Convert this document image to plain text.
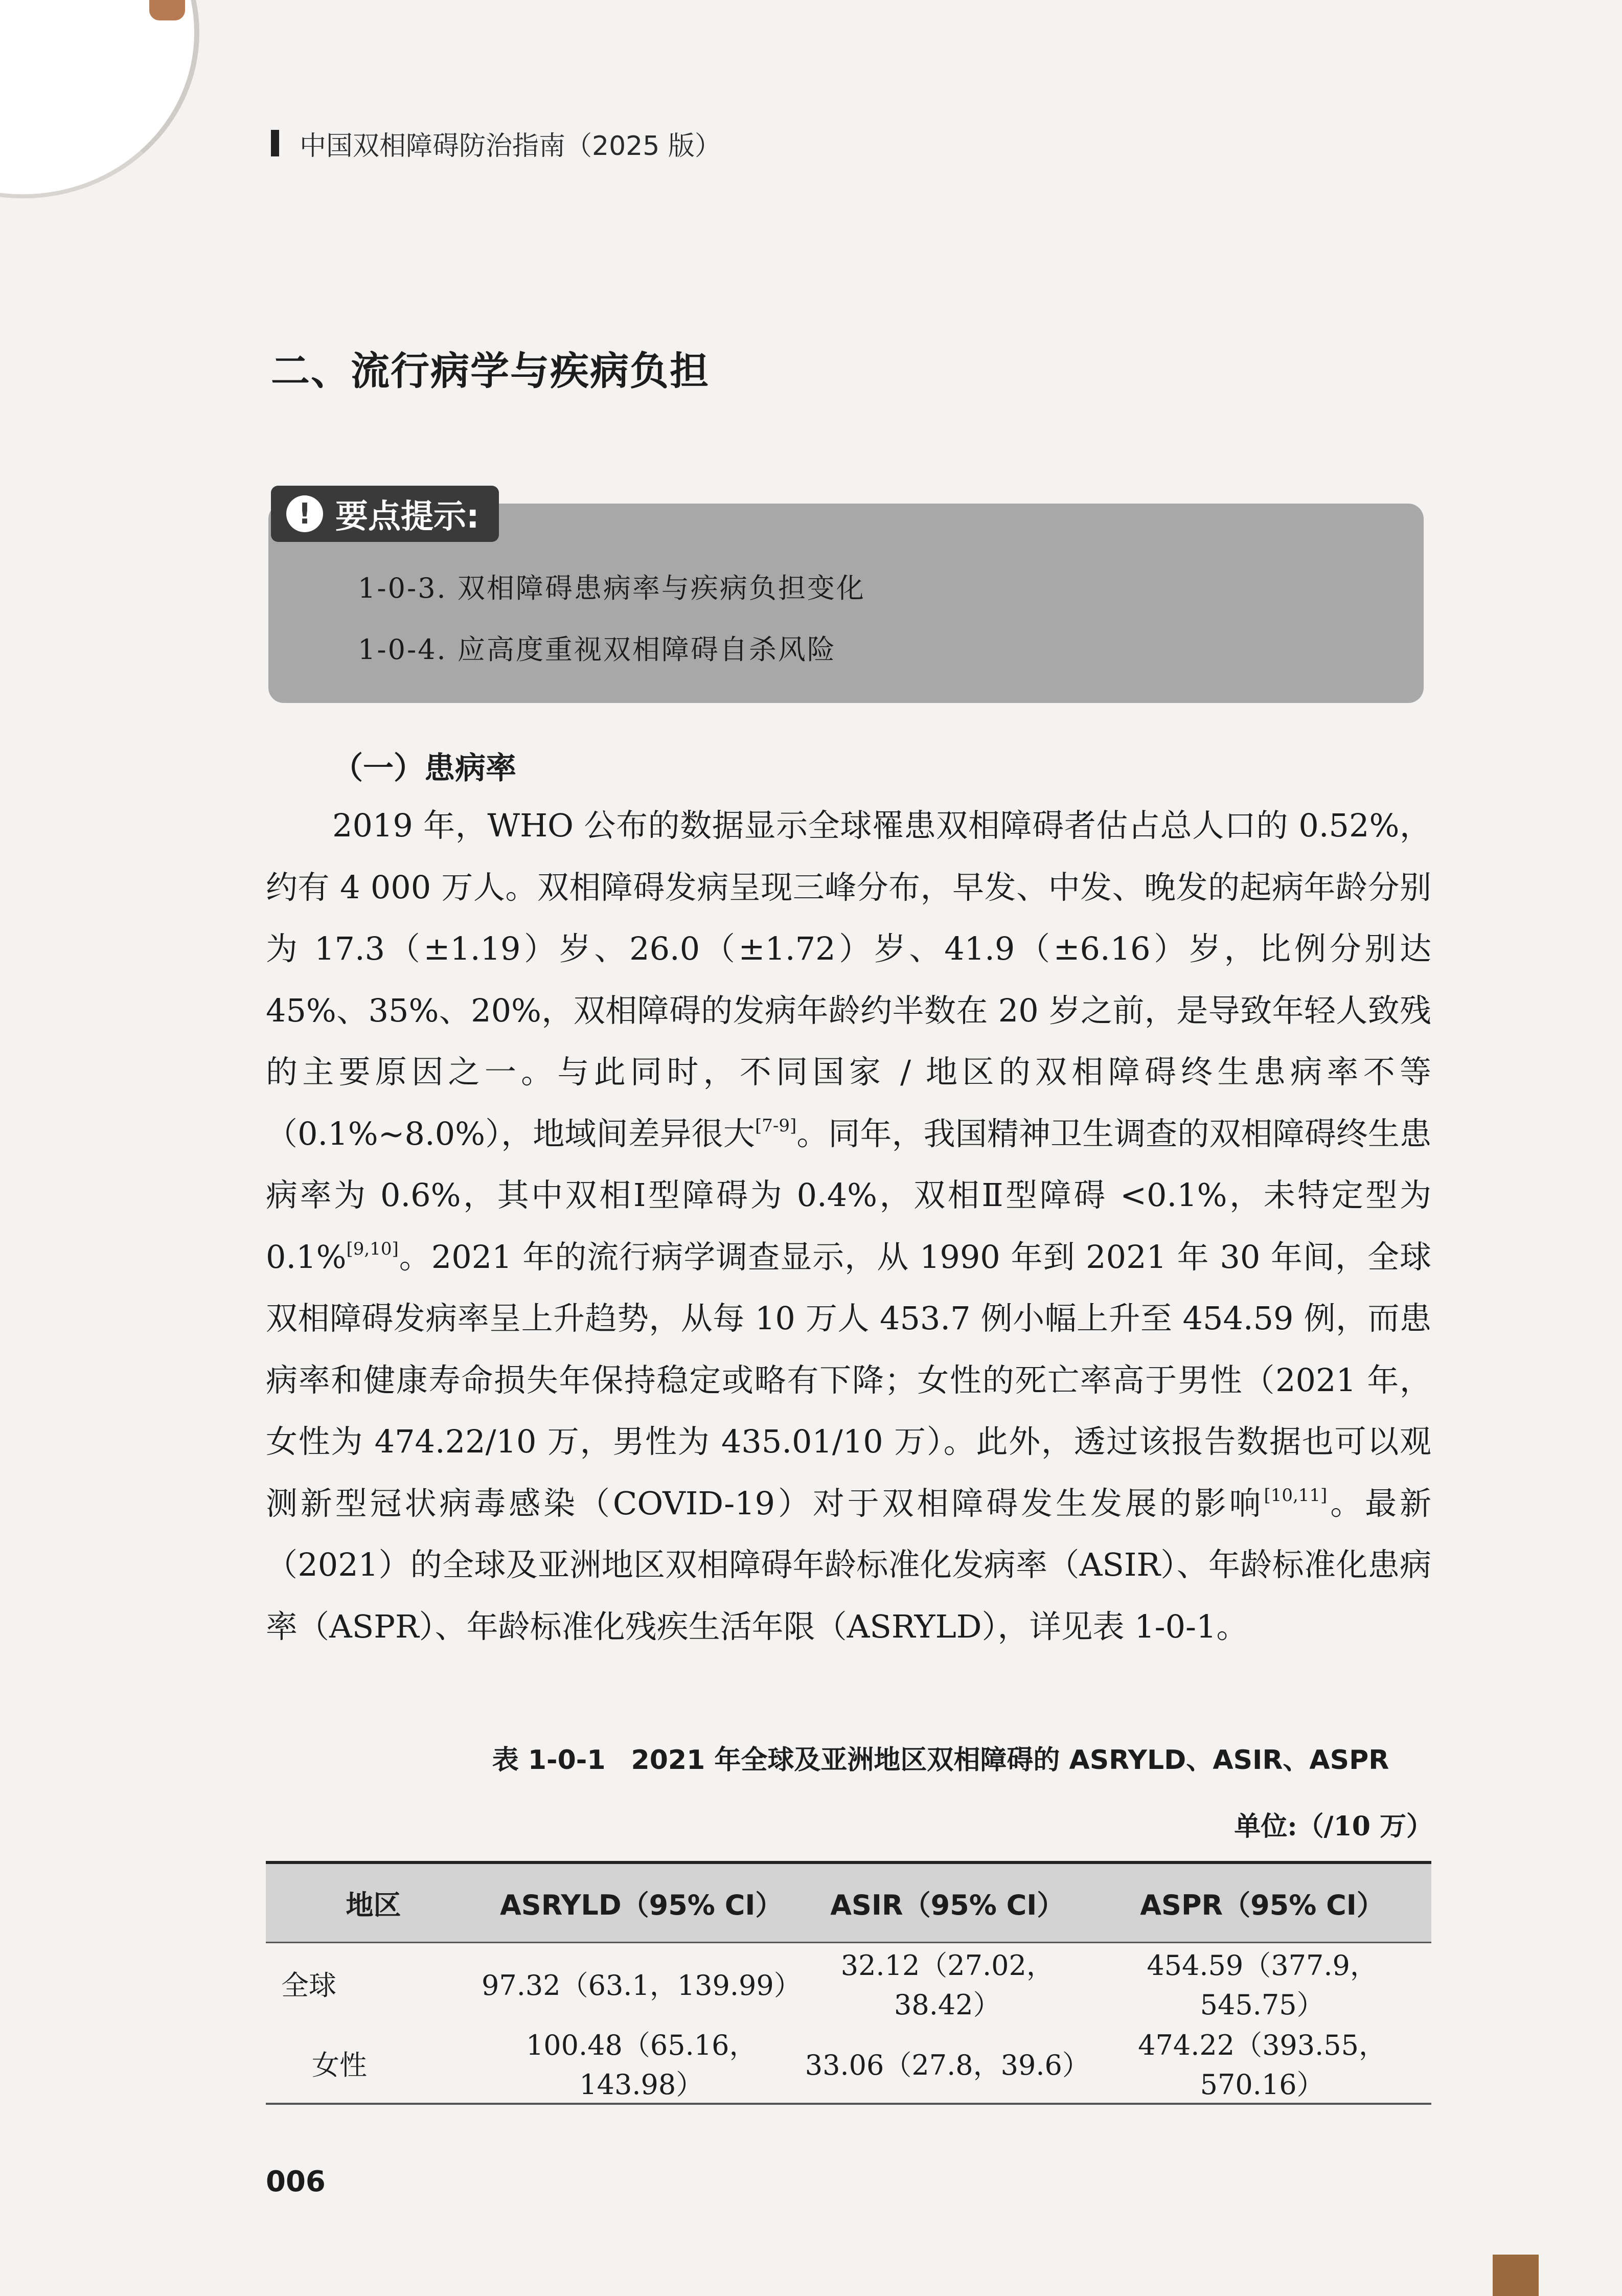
中国双相障碍防治指南（2025 版）
二、流行病学与疾病负担
! 要点提示:
1-0-3. 双相障碍患病率与疾病负担变化
1-0-4. 应高度重视双相障碍自杀风险
（一）患病率

2019 年，WHO 公布的数据显示全球罹患双相障碍者估占总人口的 0.52%，约有 4 000 万人。双相障碍发病呈现三峰分布，早发、中发、晚发的起病年龄分别为 17.3（±1.19）岁、26.0（±1.72）岁、41.9（±6.16）岁，比例分别达 45%、35%、20%，双相障碍的发病年龄约半数在 20 岁之前，是导致年轻人致残的主要原因之一。与此同时，不同国家 / 地区的双相障碍终生患病率不等（0.1%~8.0%），地域间差异很大[7-9]。同年，我国精神卫生调查的双相障碍终生患病率为 0.6%，其中双相Ⅰ型障碍为 0.4%，双相Ⅱ型障碍 <0.1%，未特定型为 0.1%[9,10]。2021 年的流行病学调查显示，从 1990 年到 2021 年 30 年间，全球双相障碍发病率呈上升趋势，从每 10 万人 453.7 例小幅上升至 454.59 例，而患病率和健康寿命损失年保持稳定或略有下降；女性的死亡率高于男性（2021 年，女性为 474.22/10 万，男性为 435.01/10 万）。此外，透过该报告数据也可以观测新型冠状病毒感染（COVID-19）对于双相障碍发生发展的影响[10,11]。最新（2021）的全球及亚洲地区双相障碍年龄标准化发病率（ASIR）、年龄标准化患病率（ASPR）、年龄标准化残疾生活年限（ASRYLD），详见表 1-0-1。

表 1-0-1 2021 年全球及亚洲地区双相障碍的 ASRYLD、ASIR、ASPR
单位:（/10 万）
地区	ASRYLD（95% CI）	ASIR（95% CI）	ASPR（95% CI）
全球	97.32（63.1，139.99）	32.12（27.02，38.42）	454.59（377.9，545.75）
女性	100.48（65.16，143.98）	33.06（27.8，39.6）	474.22（393.55，570.16）
006
